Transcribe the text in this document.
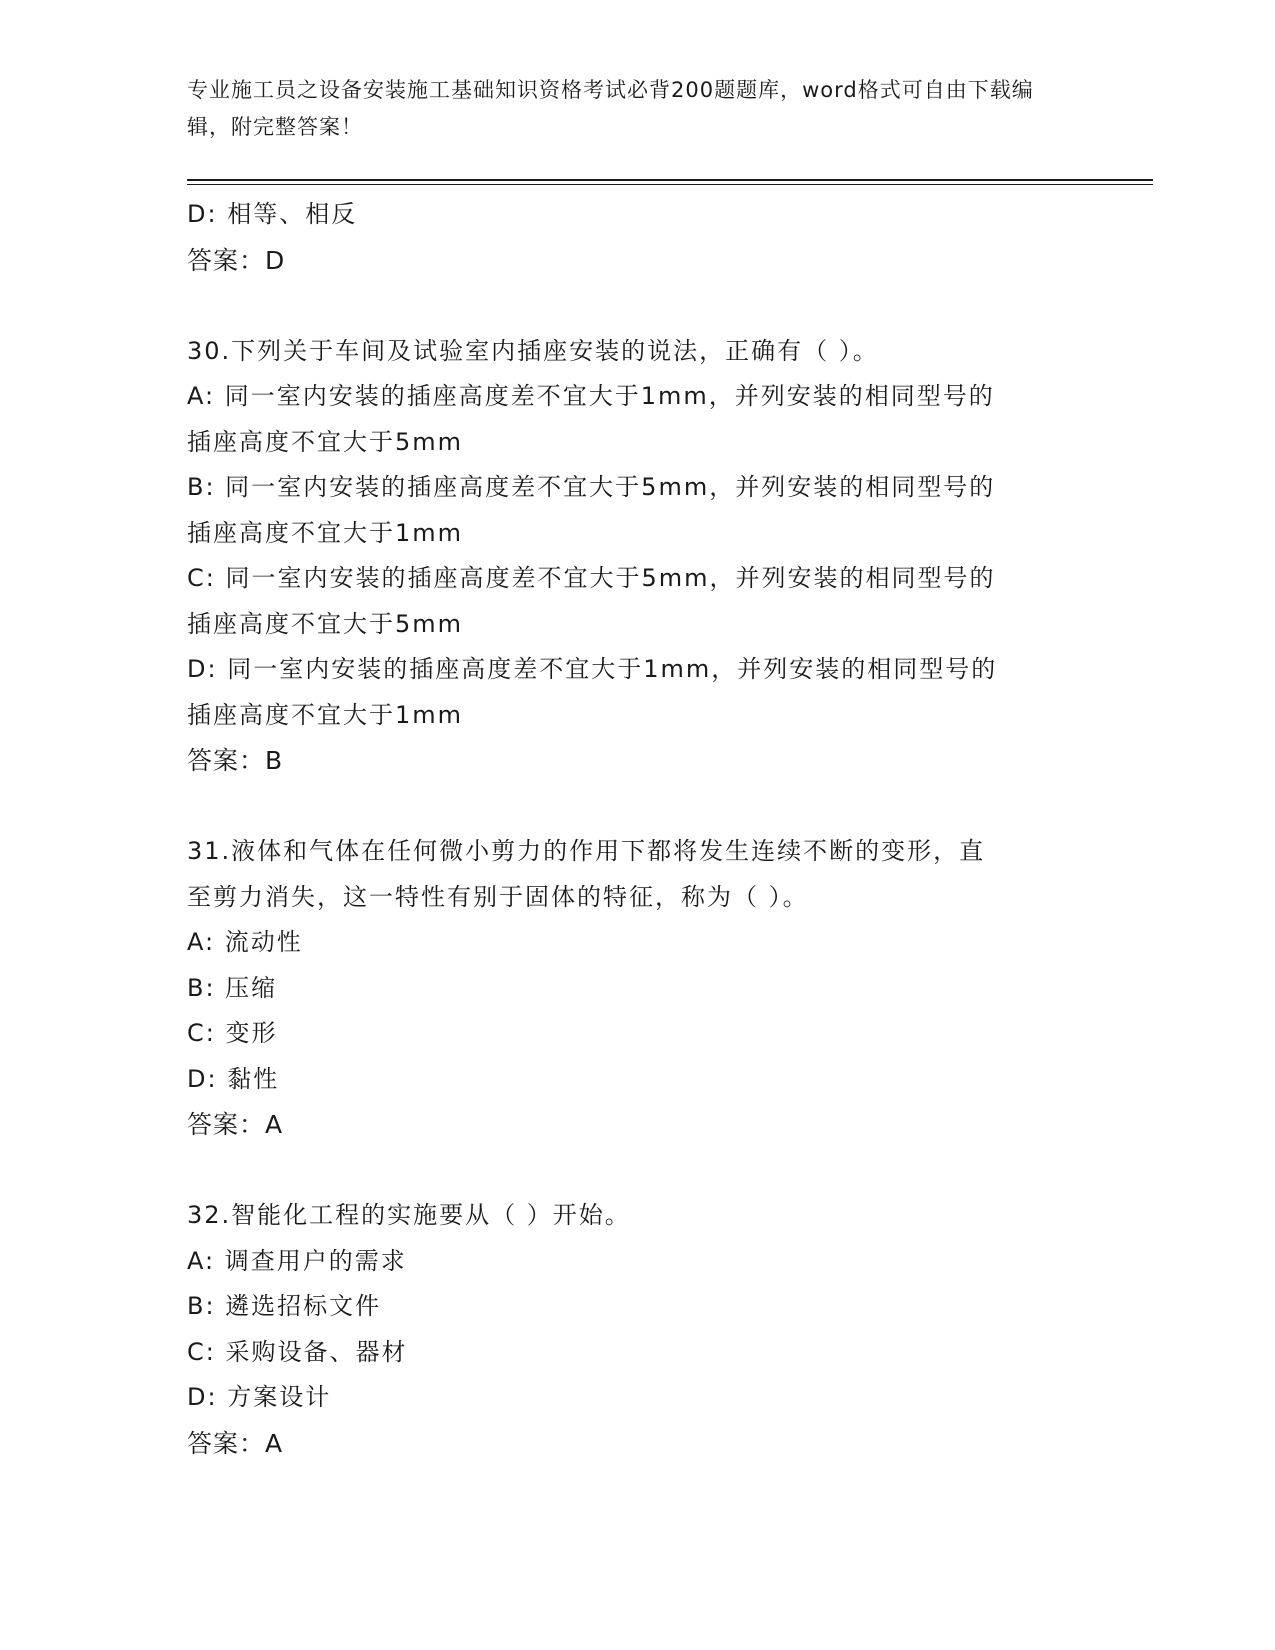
专业施工员之设备安装施工基础知识资格考试必背200题题库，word格式可自由下载编辑，附完整答案！
D: 相等、相反
答案：D
30.下列关于车间及试验室内插座安装的说法，正确有（ ）。
A: 同一室内安装的插座高度差不宜大于1mm，并列安装的相同型号的
插座高度不宜大于5mm
B: 同一室内安装的插座高度差不宜大于5mm，并列安装的相同型号的
插座高度不宜大于1mm
C: 同一室内安装的插座高度差不宜大于5mm，并列安装的相同型号的
插座高度不宜大于5mm
D: 同一室内安装的插座高度差不宜大于1mm，并列安装的相同型号的
插座高度不宜大于1mm
答案：B
31.液体和气体在任何微小剪力的作用下都将发生连续不断的变形，直
至剪力消失，这一特性有别于固体的特征，称为（ ）。
A: 流动性
B: 压缩
C: 变形
D: 黏性
答案：A
32.智能化工程的实施要从（ ）开始。
A: 调查用户的需求
B: 遴选招标文件
C: 采购设备、器材
D: 方案设计
答案：A
